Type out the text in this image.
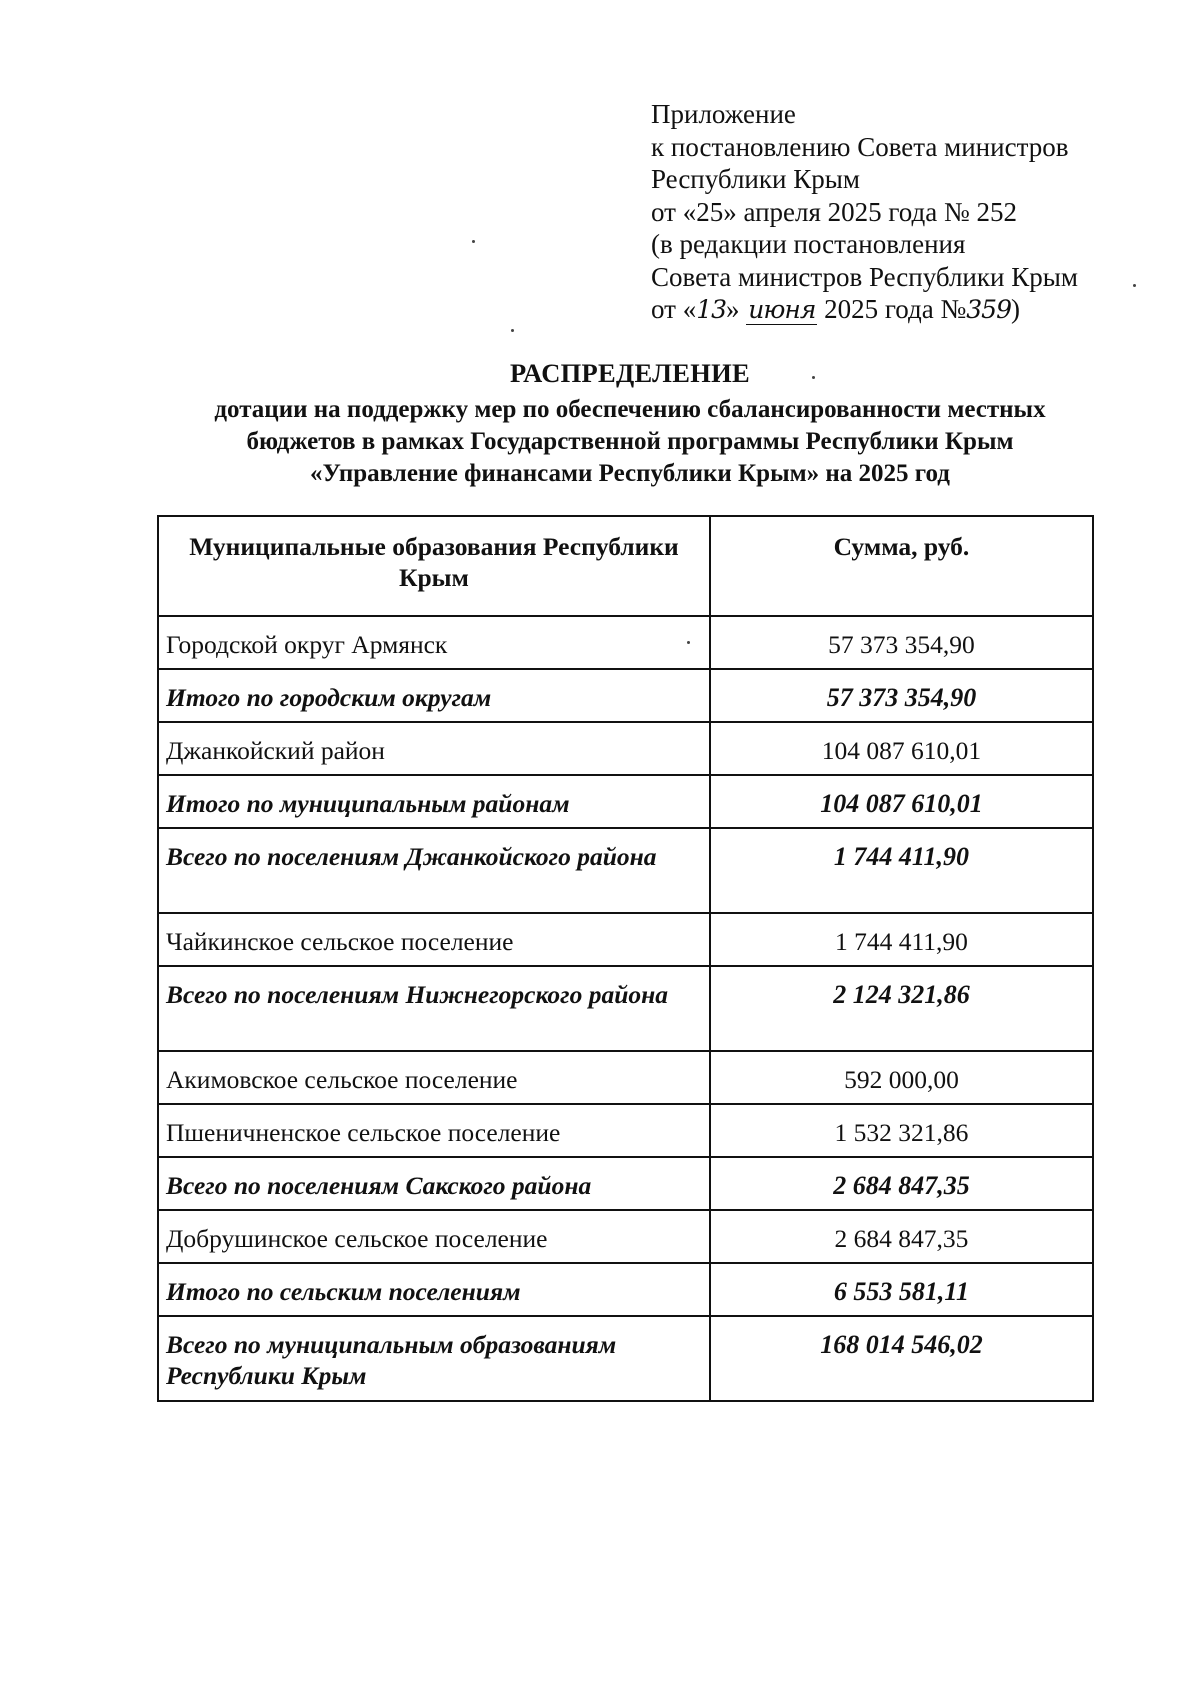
Приложение
к постановлению Совета министров
Республики Крым
от «25» апреля 2025 года № 252
(в редакции постановления
Совета министров Республики Крым
от «13» июня 2025 года №359)
РАСПРЕДЕЛЕНИЕ
дотации на поддержку мер по обеспечению сбалансированности местных
бюджетов в рамках Государственной программы Республики Крым
«Управление финансами Республики Крым» на 2025 год
Муниципальные образования Республики Крым	Сумма, руб.
Городской округ Армянск	57 373 354,90
Итого по городским округам	57 373 354,90
Джанкойский район	104 087 610,01
Итого по муниципальным районам	104 087 610,01
Всего по поселениям Джанкойского района	1 744 411,90
Чайкинское сельское поселение	1 744 411,90
Всего по поселениям Нижнегорского района	2 124 321,86
Акимовское сельское поселение	592 000,00
Пшеничненское сельское поселение	1 532 321,86
Всего по поселениям Сакского района	2 684 847,35
Добрушинское сельское поселение	2 684 847,35
Итого по сельским поселениям	6 553 581,11
Всего по муниципальным образованиям Республики Крым	168 014 546,02
